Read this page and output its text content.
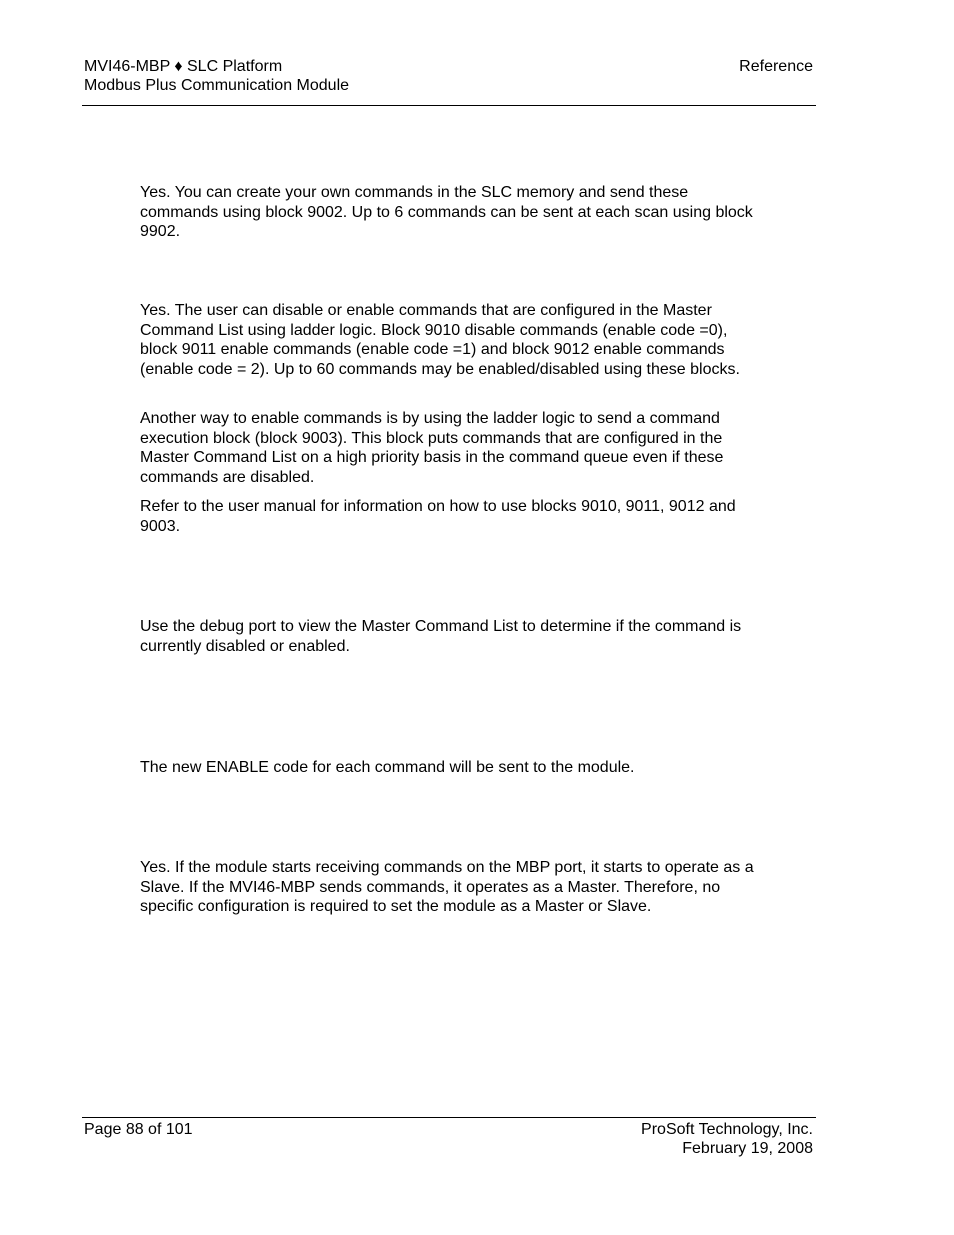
MVI46-MBP ♦ SLC Platform
Modbus Plus Communication Module
Reference

Yes. You can create your own commands in the SLC memory and send these commands using block 9002. Up to 6 commands can be sent at each scan using block 9902.

Yes. The user can disable or enable commands that are configured in the Master Command List using ladder logic. Block 9010 disable commands (enable code =0), block 9011 enable commands (enable code =1) and block 9012 enable commands (enable code = 2). Up to 60 commands may be enabled/disabled using these blocks.

Another way to enable commands is by using the ladder logic to send a command execution block (block 9003). This block puts commands that are configured in the Master Command List on a high priority basis in the command queue even if these commands are disabled.

Refer to the user manual for information on how to use blocks 9010, 9011, 9012 and 9003.

Use the debug port to view the Master Command List to determine if the command is currently disabled or enabled.

The new ENABLE code for each command will be sent to the module.

Yes. If the module starts receiving commands on the MBP port, it starts to operate as a Slave. If the MVI46-MBP sends commands, it operates as a Master. Therefore, no specific configuration is required to set the module as a Master or Slave.

Page 88 of 101	ProSoft Technology, Inc.
February 19, 2008
